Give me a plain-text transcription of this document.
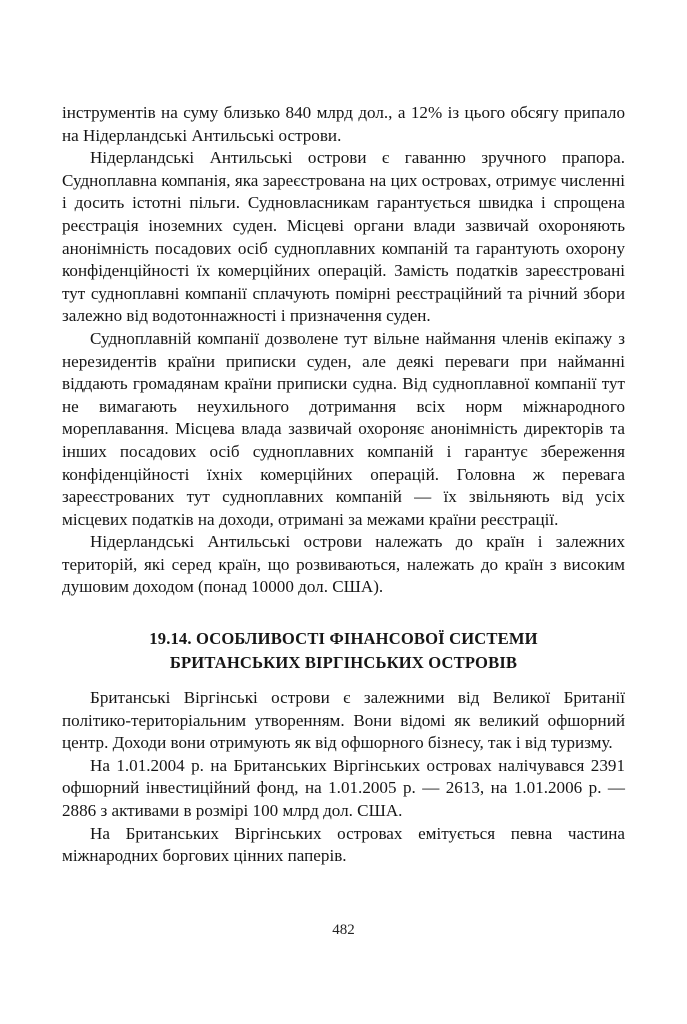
інструментів на суму близько 840 млрд дол., а 12% із цього обсягу припало на Нідерландські Антильські острови.

Нідерландські Антильські острови є гаванню зручного прапора. Судноплавна компанія, яка зареєстрована на цих островах, отримує численні і досить істотні пільги. Судновласникам гарантується швидка і спрощена реєстрація іноземних суден. Місцеві органи влади зазвичай охороняють анонімність посадових осіб судноплавних компаній та гарантують охорону конфіденційності їх комерційних операцій. Замість податків зареєстровані тут судноплавні компанії сплачують помірні реєстраційний та річний збори залежно від водотоннажності і призначення суден.

Судноплавній компанії дозволене тут вільне наймання членів екіпажу з нерезидентів країни приписки суден, але деякі переваги при найманні віддають громадянам країни приписки судна. Від судноплавної компанії тут не вимагають неухильного дотримання всіх норм міжнародного мореплавання. Місцева влада зазвичай охороняє анонімність директорів та інших посадових осіб судноплавних компаній і гарантує збереження конфіденційності їхніх комерційних операцій. Головна ж перевага зареєстрованих тут судноплавних компаній — їх звільняють від усіх місцевих податків на доходи, отримані за межами країни реєстрації.

Нідерландські Антильські острови належать до країн і залежних територій, які серед країн, що розвиваються, належать до країн з високим душовим доходом (понад 10000 дол. США).

19.14. ОСОБЛИВОСТІ ФІНАНСОВОЇ СИСТЕМИ
БРИТАНСЬКИХ ВІРГІНСЬКИХ ОСТРОВІВ

Британські Віргінські острови є залежними від Великої Британії політико-територіальним утворенням. Вони відомі як великий офшорний центр. Доходи вони отримують як від офшорного бізнесу, так і від туризму.

На 1.01.2004 р. на Британських Віргінських островах налічувався 2391 офшорний інвестиційний фонд, на 1.01.2005 р. — 2613, на 1.01.2006 р. — 2886 з активами в розмірі 100 млрд дол. США.

На Британських Віргінських островах емітується певна частина міжнародних боргових цінних паперів.

482
